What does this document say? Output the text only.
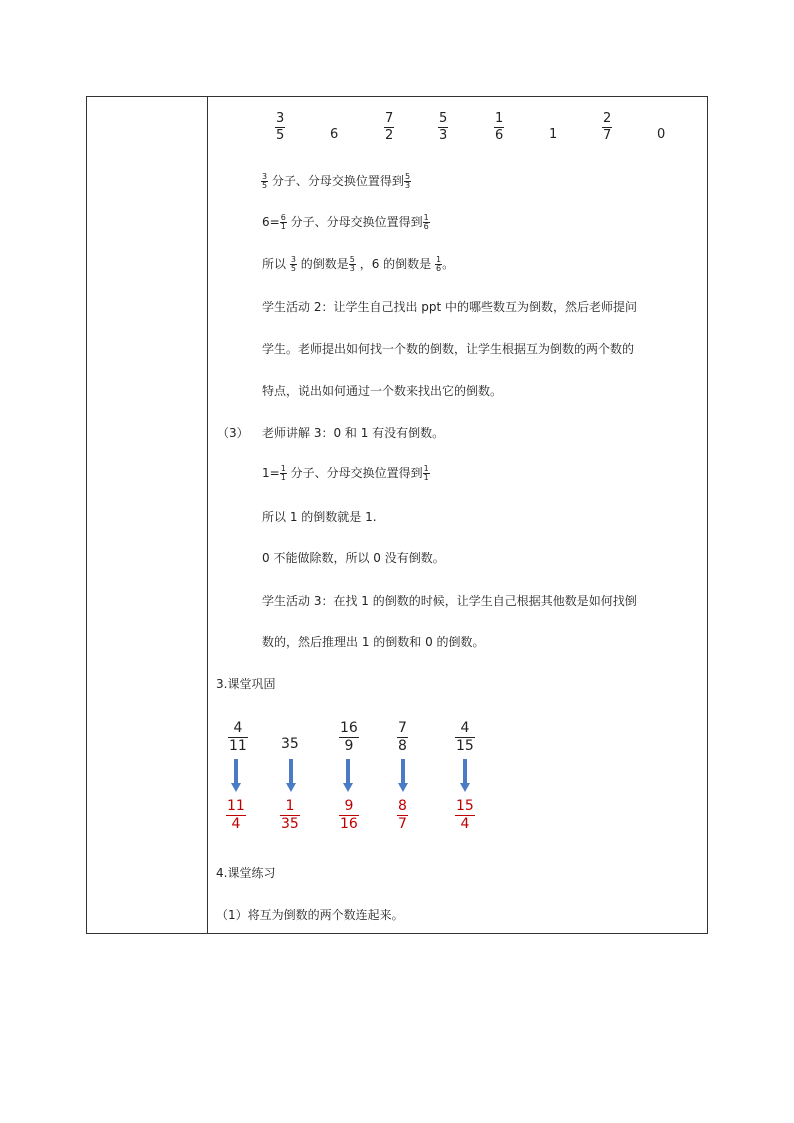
3
5	6
7
2
5
3
1
6	1
2
7	0
$\frac{3}{5}$ 分子、分母交换位置得到 $\frac{5}{3}$
$6= \frac{6}{1}$ 分子、分母交换位置得到 $\frac{1}{6}$
所以 $\frac{3}{5}$ 的倒数是 $\frac{5}{3}$ ，6 的倒数是 $\frac{1}{6}$ 。
学生活动 2：让学生自己找出 ppt 中的哪些数互为倒数，然后老师提问
学生。老师提出如何找一个数的倒数，让学生根据互为倒数的两个数的
特点，说出如何通过一个数来找出它的倒数。
（3） 老师讲解 3：0 和 1 有没有倒数。
$1= \frac{1}{1}$ 分子、分母交换位置得到 $\frac{1}{1}$
所以 1 的倒数就是 1.
0 不能做除数，所以 0 没有倒数。
学生活动 3：在找 1 的倒数的时候，让学生自己根据其他数是如何找倒
数的，然后推理出 1 的倒数和 0 的倒数。
3.课堂巩固
4
11 35
16
9
7
8
4
15
11
4
1
35
9
16
8
7
15
4
4.课堂练习
（1）将互为倒数的两个数连起来。
